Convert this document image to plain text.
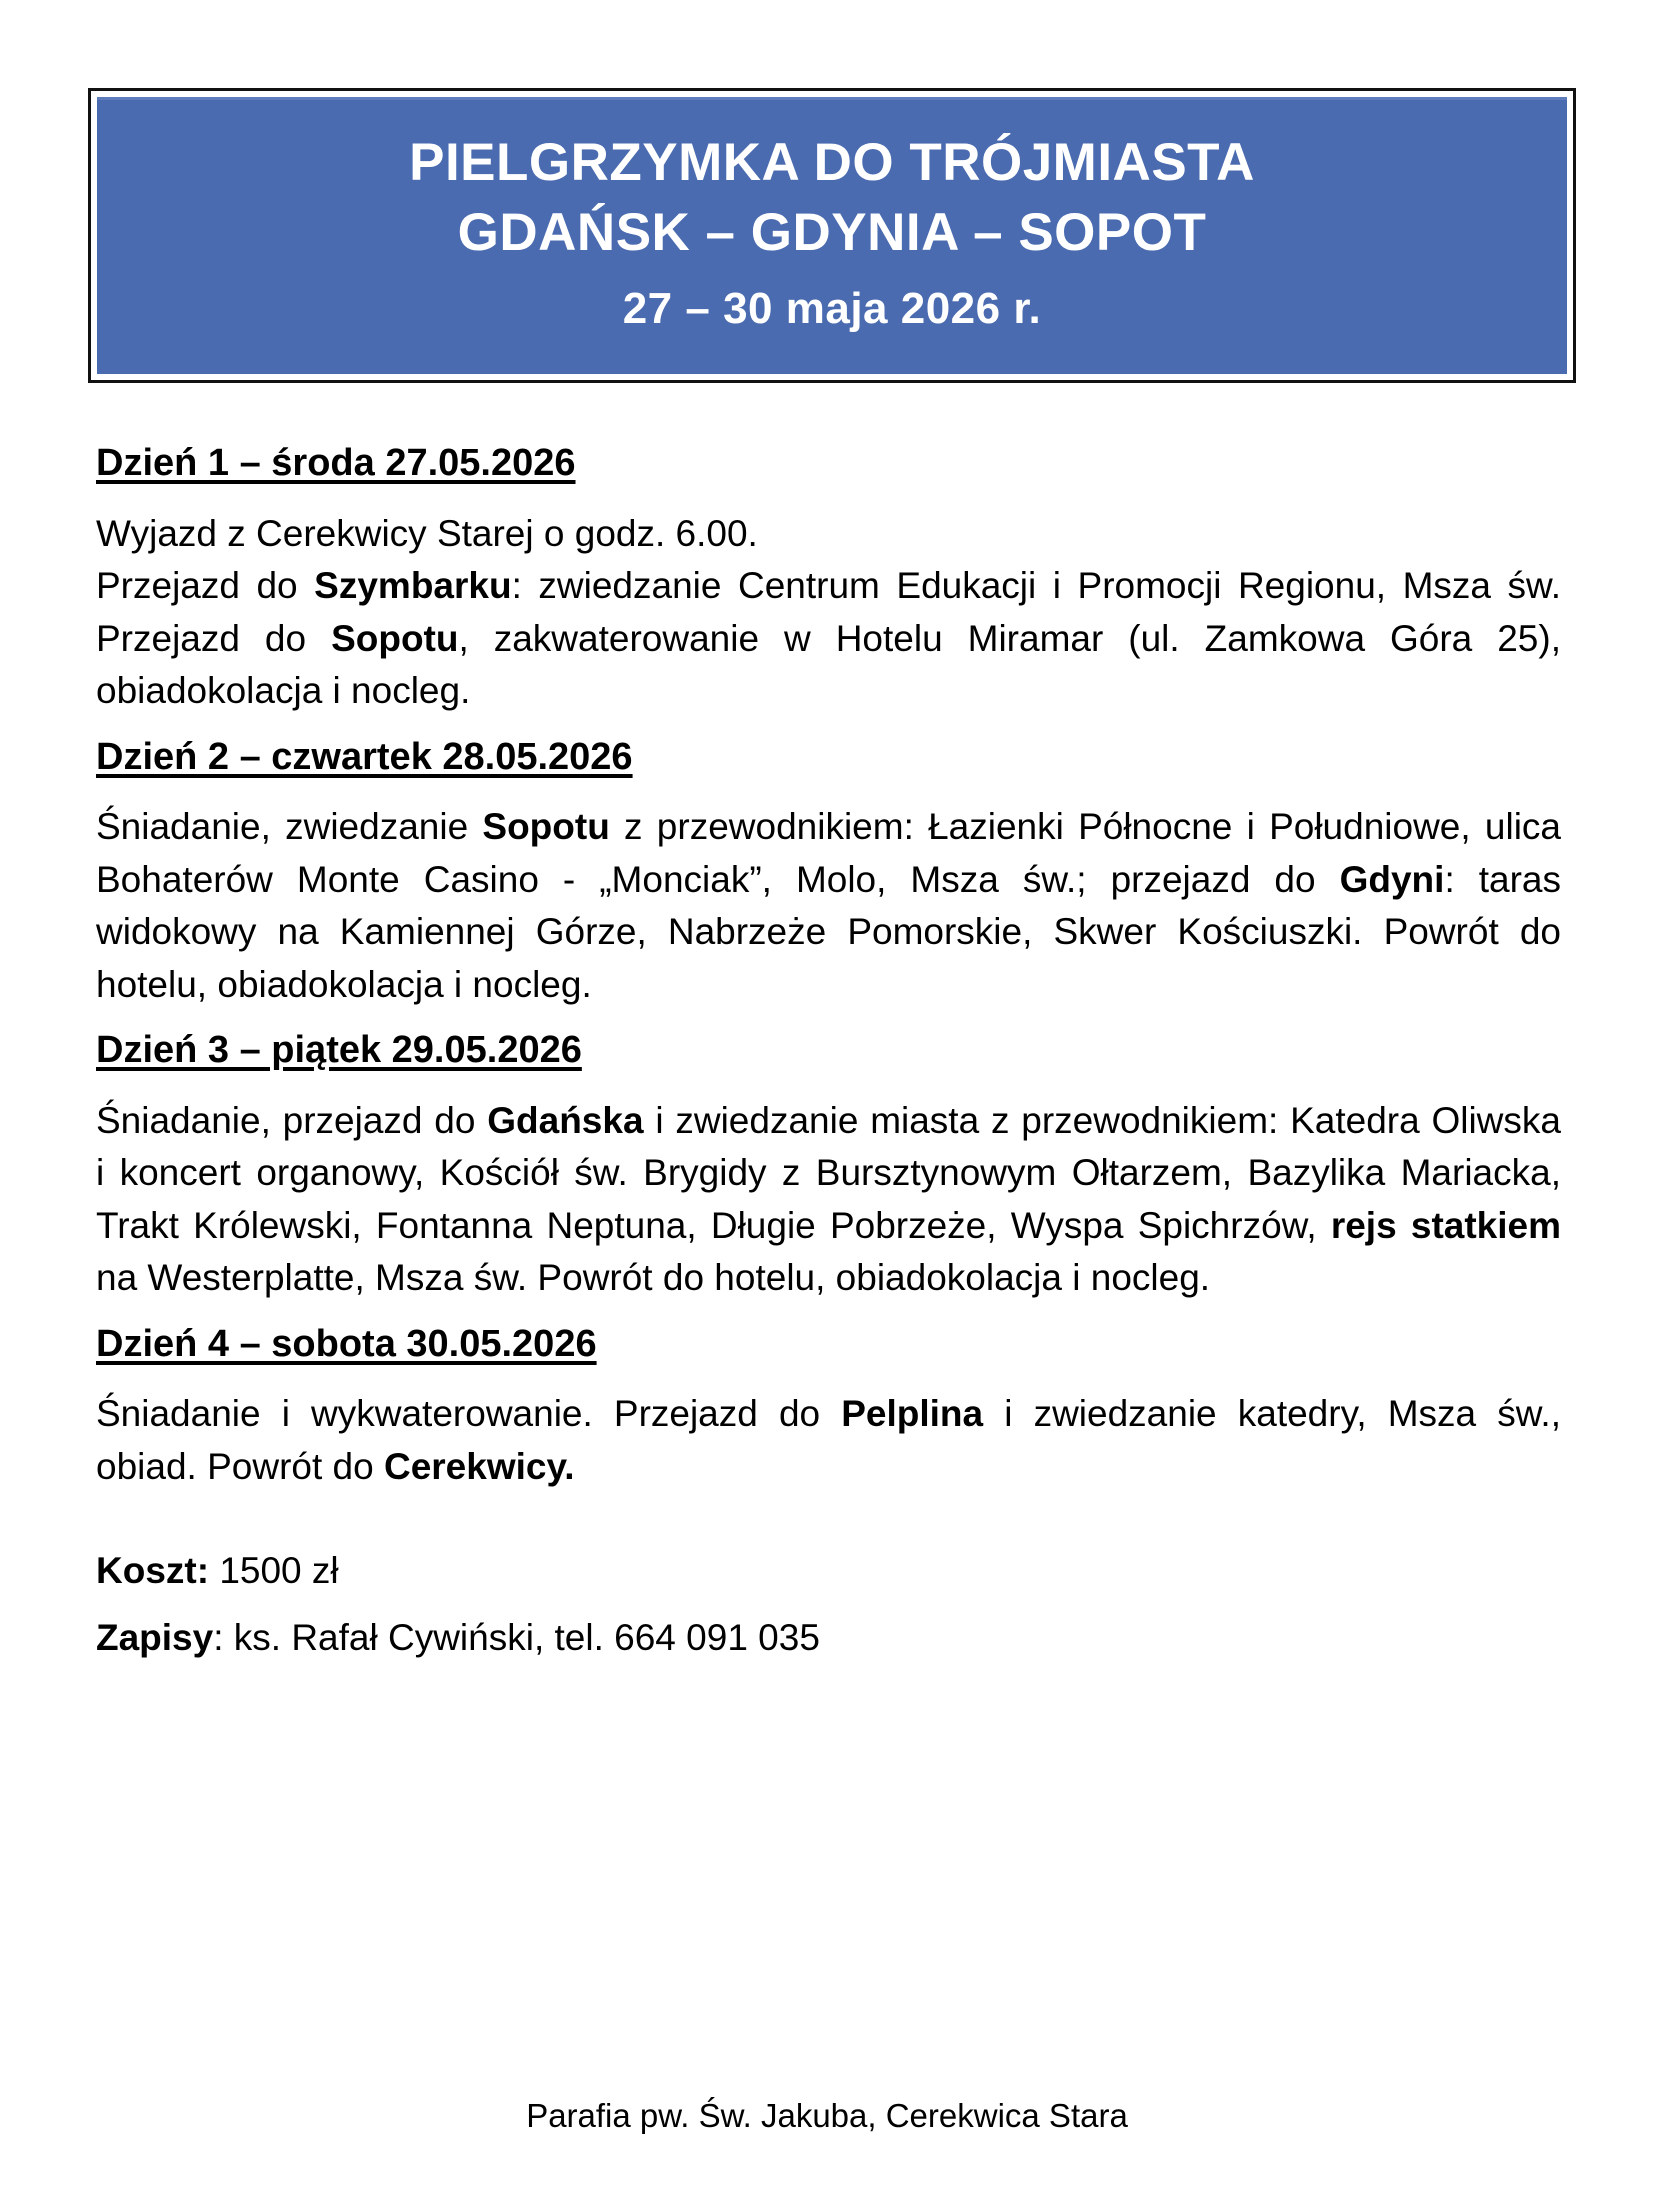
PIELGRZYMKA DO TRÓJMIASTA
GDAŃSK – GDYNIA – SOPOT
27 – 30 maja 2026 r.
Dzień 1 – środa 27.05.2026

Wyjazd z Cerekwicy Starej o godz. 6.00.
Przejazd do Szymbarku: zwiedzanie Centrum Edukacji i Promocji Regionu, Msza św. Przejazd do Sopotu, zakwaterowanie w Hotelu Miramar (ul. Zamkowa Góra 25), obiadokolacja i nocleg.

Dzień 2 – czwartek 28.05.2026

Śniadanie, zwiedzanie Sopotu z przewodnikiem: Łazienki Północne i Południowe, ulica Bohaterów Monte Casino - „Monciak”, Molo, Msza św.; przejazd do Gdyni: taras widokowy na Kamiennej Górze, Nabrzeże Pomorskie, Skwer Kościuszki. Powrót do hotelu, obiadokolacja i nocleg.

Dzień 3 – piątek 29.05.2026

Śniadanie, przejazd do Gdańska i zwiedzanie miasta z przewodnikiem: Katedra Oliwska i koncert organowy, Kościół św. Brygidy z Bursztynowym Ołtarzem, Bazylika Mariacka, Trakt Królewski, Fontanna Neptuna, Długie Pobrzeże, Wyspa Spichrzów, rejs statkiem na Westerplatte, Msza św. Powrót do hotelu, obiadokolacja i nocleg.

Dzień 4 – sobota 30.05.2026

Śniadanie i wykwaterowanie. Przejazd do Pelplina i zwiedzanie katedry, Msza św., obiad. Powrót do Cerekwicy.

Koszt: 1500 zł
Zapisy: ks. Rafał Cywiński, tel. 664 091 035
Parafia pw. Św. Jakuba, Cerekwica Stara
